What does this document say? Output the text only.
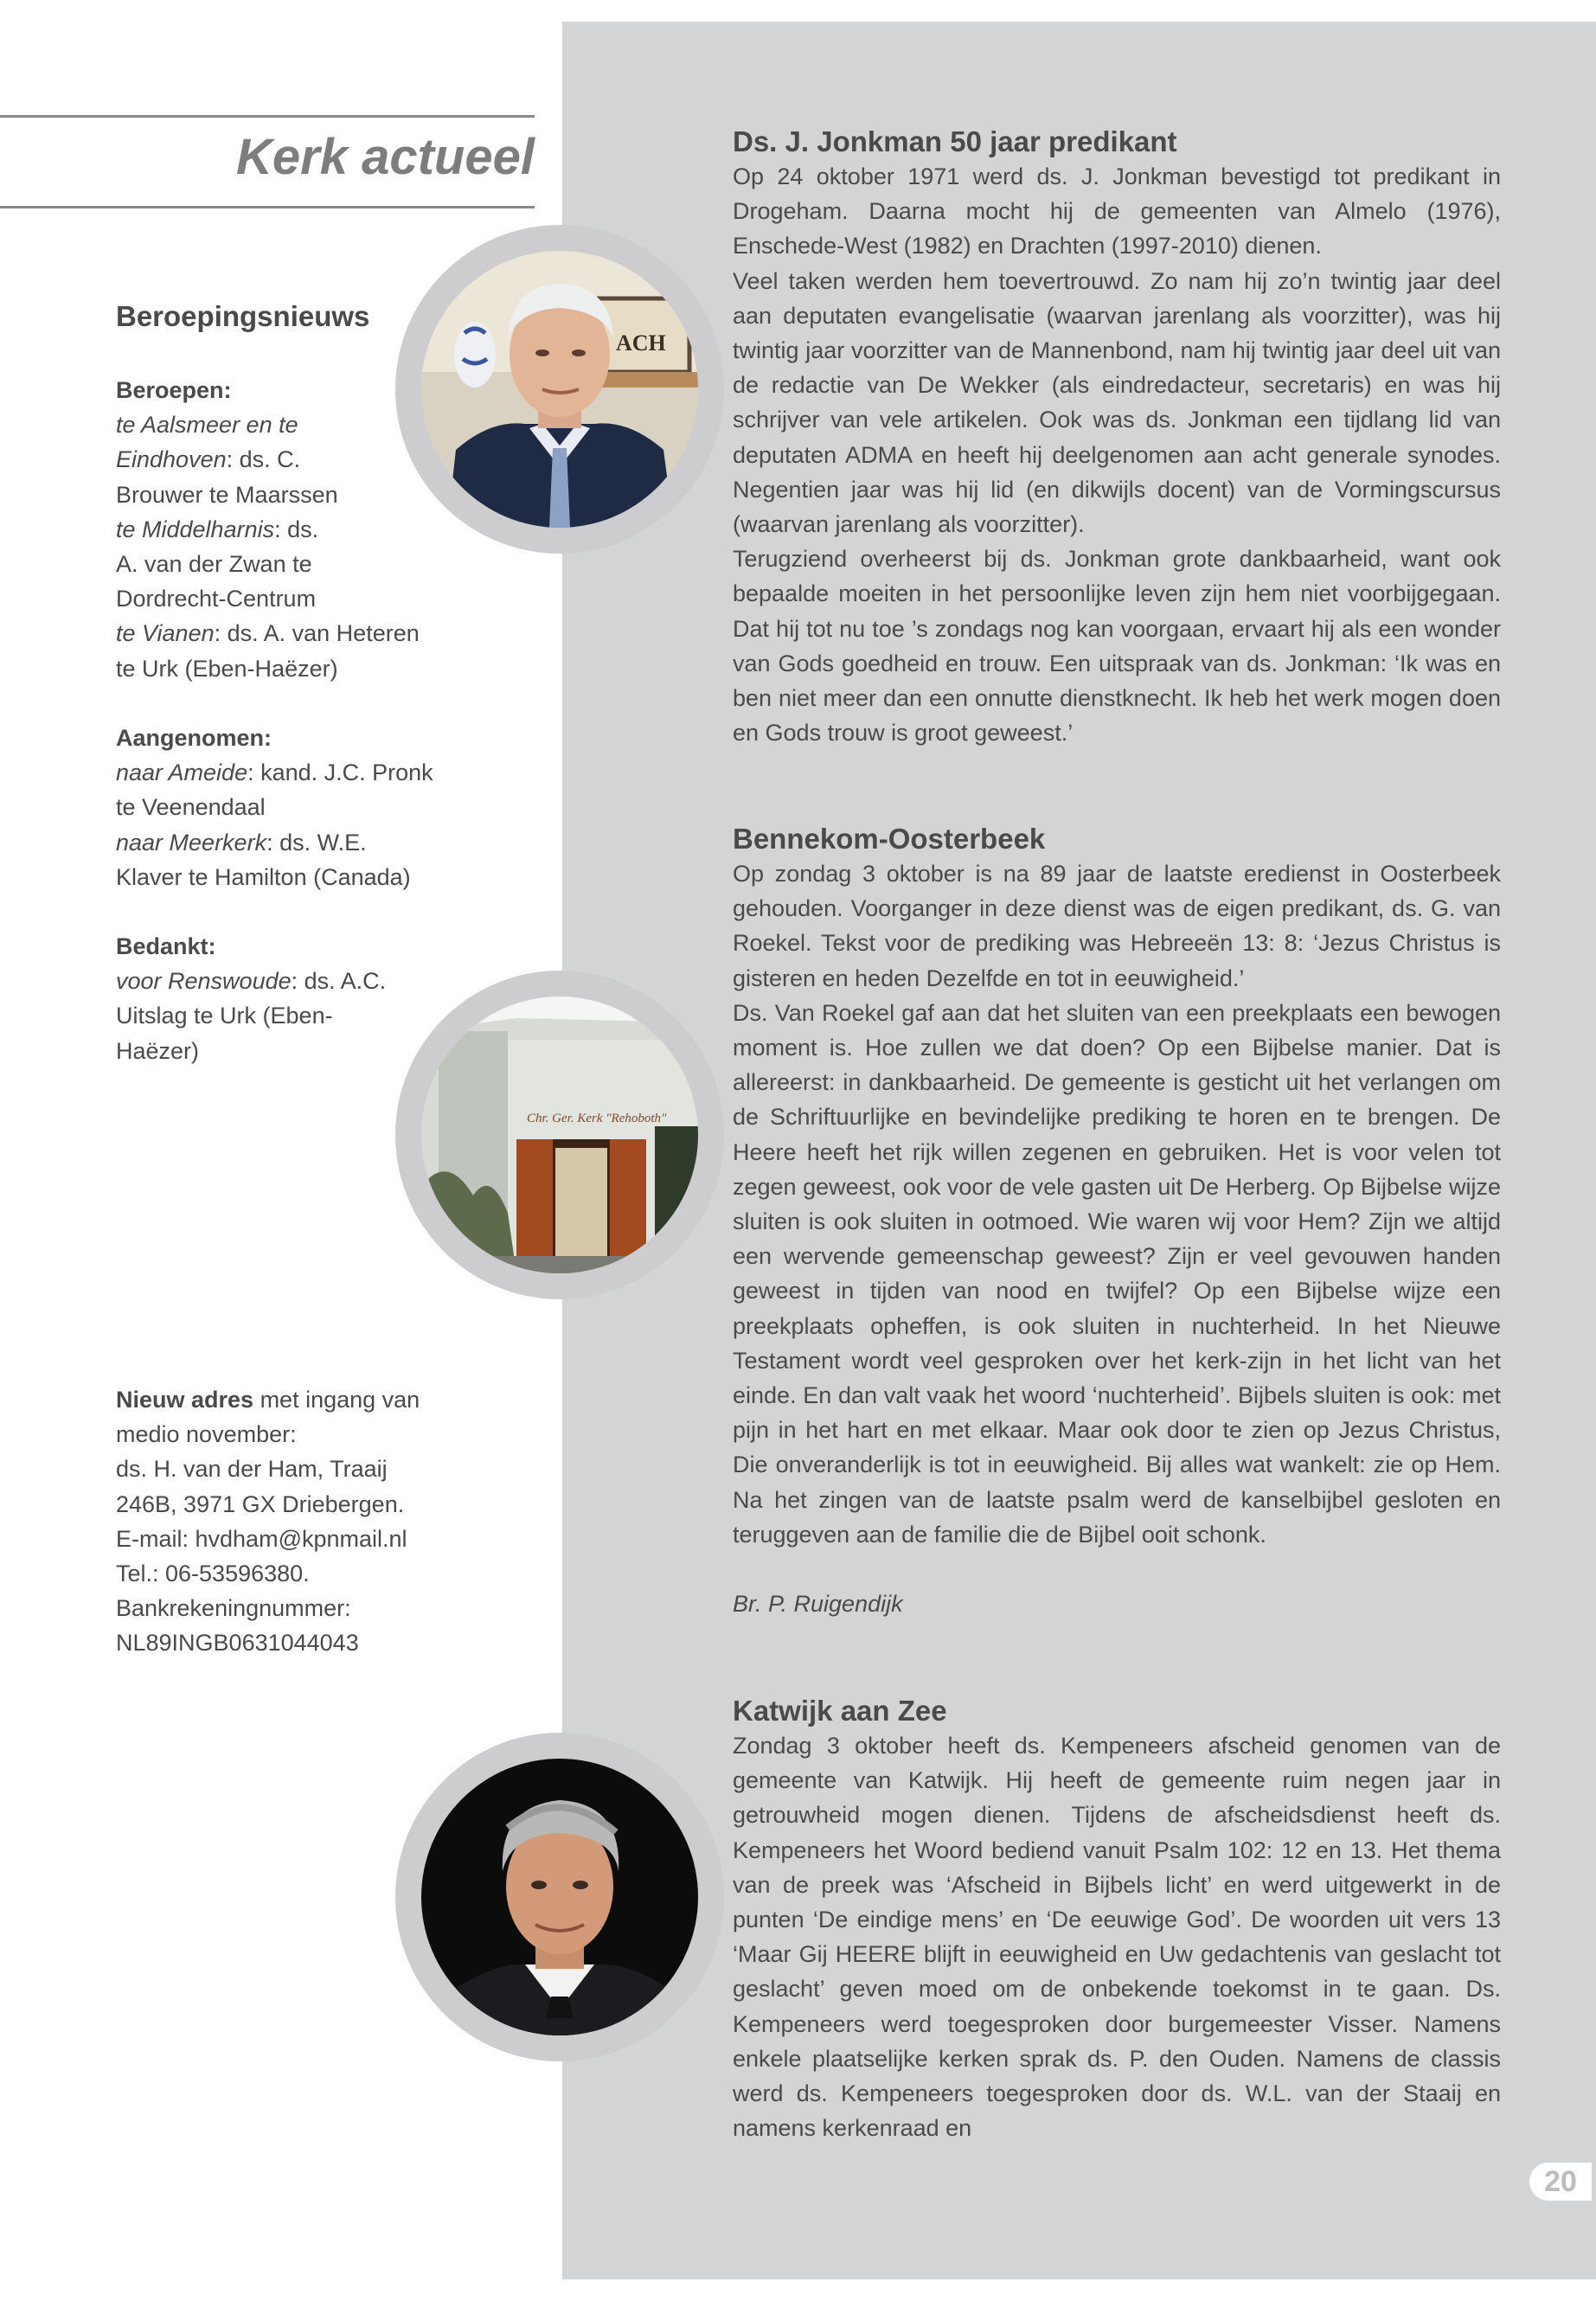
Kerk actueel
Beroepingsnieuws

Beroepen:

te Aalsmeer en te

Eindhoven: ds. C.

Brouwer te Maarssen

te Middelharnis: ds.

A. van der Zwan te

Dordrecht-Centrum

te Vianen: ds. A. van Heteren

te Urk (Eben-Haëzer)

Aangenomen:

naar Ameide: kand. J.C. Pronk

te Veenendaal

naar Meerkerk: ds. W.E.

Klaver te Hamilton (Canada)

Bedankt:

voor Renswoude: ds. A.C.

Uitslag te Urk (Eben-

Haëzer)

Nieuw adres met ingang van

medio november:

ds. H. van der Ham, Traaij

246B, 3971 GX Driebergen.

E-mail: hvdham@kpnmail.nl

Tel.: 06-53596380.

Bankrekeningnummer:

NL89INGB0631044043

ACH
Chr. Ger. Kerk "Rehoboth"
Ds. J. Jonkman 50 jaar predikant

Op 24 oktober 1971 werd ds. J. Jonkman bevestigd tot predikant in Drogeham. Daarna mocht hij de gemeenten van Almelo (1976), Enschede-West (1982) en Drachten (1997-2010) dienen.

Veel taken werden hem toevertrouwd. Zo nam hij zo’n twintig jaar deel aan deputaten evangelisatie (waarvan jarenlang als voorzitter), was hij twintig jaar voorzitter van de Mannenbond, nam hij twintig jaar deel uit van de redactie van De Wekker (als eindredacteur, secretaris) en was hij schrijver van vele artikelen. Ook was ds. Jonkman een tijdlang lid van deputaten ADMA en heeft hij deelgenomen aan acht generale synodes. Negentien jaar was hij lid (en dikwijls docent) van de Vormingscursus (waarvan jarenlang als voorzitter).

Terugziend overheerst bij ds. Jonkman grote dankbaarheid, want ook bepaalde moeiten in het persoonlijke leven zijn hem niet voorbijgegaan. Dat hij tot nu toe ’s zondags nog kan voorgaan, ervaart hij als een wonder van Gods goedheid en trouw. Een uitspraak van ds. Jonkman: ‘Ik was en ben niet meer dan een onnutte dienstknecht. Ik heb het werk mogen doen en Gods trouw is groot geweest.’

Bennekom-Oosterbeek

Op zondag 3 oktober is na 89 jaar de laatste eredienst in Oosterbeek gehouden. Voorganger in deze dienst was de eigen predikant, ds. G. van Roekel. Tekst voor de prediking was Hebreeën 13: 8: ‘Jezus Christus is gisteren en heden Dezelfde en tot in eeuwigheid.’

Ds. Van Roekel gaf aan dat het sluiten van een preekplaats een bewogen moment is. Hoe zullen we dat doen? Op een Bijbelse manier. Dat is allereerst: in dankbaarheid. De gemeente is gesticht uit het verlangen om de Schriftuurlijke en bevindelijke prediking te horen en te brengen. De Heere heeft het rijk willen zegenen en gebruiken. Het is voor velen tot zegen geweest, ook voor de vele gasten uit De Herberg. Op Bijbelse wijze sluiten is ook sluiten in ootmoed. Wie waren wij voor Hem? Zijn we altijd een wervende gemeenschap geweest? Zijn er veel gevouwen handen geweest in tijden van nood en twijfel? Op een Bijbelse wijze een preekplaats opheffen, is ook sluiten in nuchterheid. In het Nieuwe Testament wordt veel gesproken over het kerk-zijn in het licht van het einde. En dan valt vaak het woord ‘nuchterheid’. Bijbels sluiten is ook: met pijn in het hart en met elkaar. Maar ook door te zien op Jezus Christus, Die onveranderlijk is tot in eeuwigheid. Bij alles wat wankelt: zie op Hem. Na het zingen van de laatste psalm werd de kanselbijbel gesloten en teruggeven aan de familie die de Bijbel ooit schonk.

Br. P. Ruigendijk

Katwijk aan Zee

Zondag 3 oktober heeft ds. Kempeneers afscheid genomen van de gemeente van Katwijk. Hij heeft de gemeente ruim negen jaar in getrouwheid mogen dienen. Tijdens de afscheidsdienst heeft ds. Kempeneers het Woord bediend vanuit Psalm 102: 12 en 13. Het thema van de preek was ‘Afscheid in Bijbels licht’ en werd uitgewerkt in de punten ‘De eindige mens’ en ‘De eeuwige God’. De woorden uit vers 13 ‘Maar Gij HEERE blijft in eeuwigheid en Uw gedachtenis van geslacht tot geslacht’ geven moed om de onbekende toekomst in te gaan. Ds. Kempeneers werd toegesproken door burgemeester Visser. Namens enkele plaatselijke kerken sprak ds. P. den Ouden. Namens de classis werd ds. Kempeneers toegesproken door ds. W.L. van der Staaij en namens kerkenraad en

20
